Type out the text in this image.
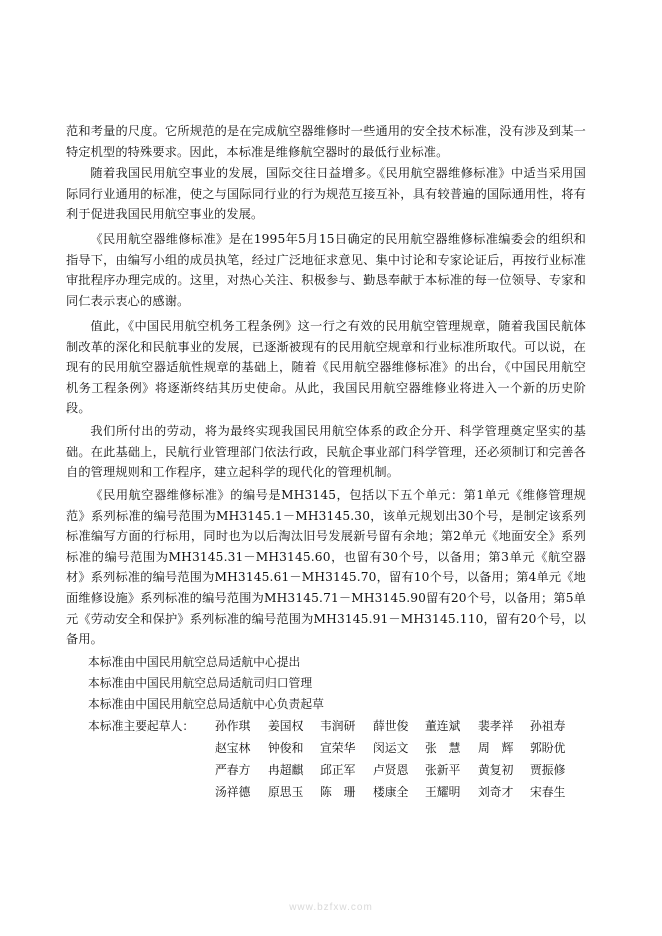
范和考量的尺度。它所规范的是在完成航空器维修时一些通用的安全技术标准，没有涉及到某一特定机型的特殊要求。因此，本标准是维修航空器时的最低行业标准。

随着我国民用航空事业的发展，国际交往日益增多。《民用航空器维修标准》中适当采用国际同行业通用的标准，使之与国际同行业的行为规范互接互补，具有较普遍的国际通用性，将有利于促进我国民用航空事业的发展。

《民用航空器维修标准》是在1995年5月15日确定的民用航空器维修标准编委会的组织和指导下，由编写小组的成员执笔，经过广泛地征求意见、集中讨论和专家论证后，再按行业标准审批程序办理完成的。这里，对热心关注、积极参与、勤恳奉献于本标准的每一位领导、专家和同仁表示衷心的感谢。

值此，《中国民用航空机务工程条例》这一行之有效的民用航空管理规章，随着我国民航体制改革的深化和民航事业的发展，已逐渐被现有的民用航空规章和行业标准所取代。可以说，在现有的民用航空器适航性规章的基础上，随着《民用航空器维修标准》的出台，《中国民用航空机务工程条例》将逐渐终结其历史使命。从此，我国民用航空器维修业将进入一个新的历史阶段。

我们所付出的劳动，将为最终实现我国民用航空体系的政企分开、科学管理奠定坚实的基础。在此基础上，民航行业管理部门依法行政，民航企事业部门科学管理，还必须制订和完善各自的管理规则和工作程序，建立起科学的现代化的管理机制。

《民用航空器维修标准》的编号是MH3145，包括以下五个单元：第1单元《维修管理规范》系列标准的编号范围为MH3145.1－MH3145.30，该单元规划出30个号，是制定该系列标准编写方面的行标用，同时也为以后淘汰旧号发展新号留有余地；第2单元《地面安全》系列标准的编号范围为MH3145.31－MH3145.60，也留有30个号，以备用；第3单元《航空器材》系列标准的编号范围为MH3145.61－MH3145.70，留有10个号，以备用；第4单元《地面维修设施》系列标准的编号范围为MH3145.71－MH3145.90留有20个号，以备用；第5单元《劳动安全和保护》系列标准的编号范围为MH3145.91－MH3145.110，留有20个号，以备用。

本标准由中国民用航空总局适航中心提出

本标准由中国民用航空总局适航司归口管理

本标准由中国民用航空总局适航中心负责起草

本标准主要起草人： 孙作琪 姜国权 韦润研 薛世俊 董连斌 裴孝祥 孙祖寿
赵宝林 钟俊和 宣荣华 闵运文 张　慧 周　辉 郭盼优
严春方 冉超麒 邱正军 卢贤恩 张新平 黄复初 贾振修
汤祥德 原思玉 陈　珊 楼康全 王耀明 刘奇才 宋春生
www.bzfxw.com
